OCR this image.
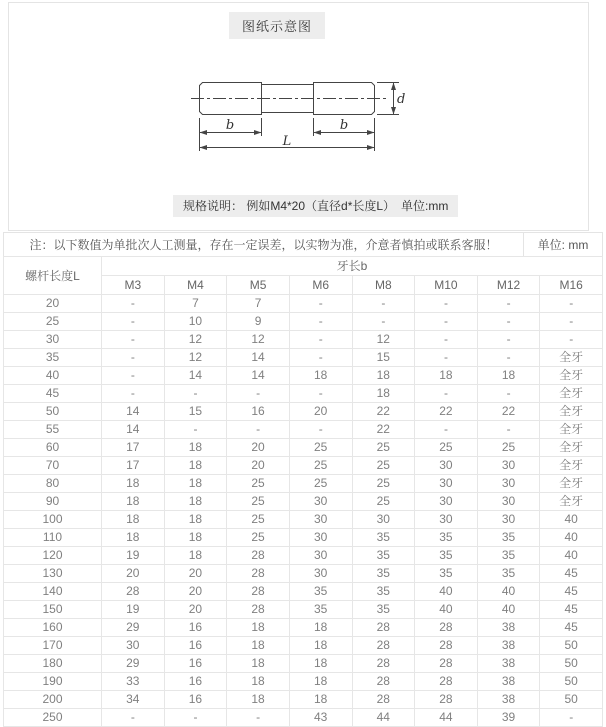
图纸示意图
b	b
L
d
规格说明： 例如M4*20（直径d*长度L）　单位:mm
注：以下数值为单批次人工测量，存在一定误差，以实物为准，介意者慎拍或联系客服！	单位: mm
螺杆长度L	牙长b							
	M3	M4	M5	M6	M8	M10	M12	M16
20	-	7	7	-	-	-	-	-
25	-	10	9	-	-	-	-	-
30	-	12	12	-	12	-	-	-
35	-	12	14	-	15	-	-	全牙
40	-	14	14	18	18	18	18	全牙
45	-	-	-	-	18	-	-	全牙
50	14	15	16	20	22	22	22	全牙
55	14	-	-	-	22	-	-	全牙
60	17	18	20	25	25	25	25	全牙
70	17	18	20	25	25	30	30	全牙
80	18	18	25	25	25	30	30	全牙
90	18	18	25	30	25	30	30	全牙
100	18	18	25	30	30	30	30	40
110	18	18	25	30	35	35	35	40
120	19	18	28	30	35	35	35	40
130	20	20	28	30	35	35	35	45
140	28	20	28	35	35	40	40	45
150	19	20	28	35	35	40	40	45
160	29	16	18	18	28	28	38	45
170	30	16	18	18	28	28	38	50
180	29	16	18	18	28	28	38	50
190	33	16	18	18	28	28	38	50
200	34	16	18	18	28	28	38	50
250	-	-	-	43	44	44	39	-
